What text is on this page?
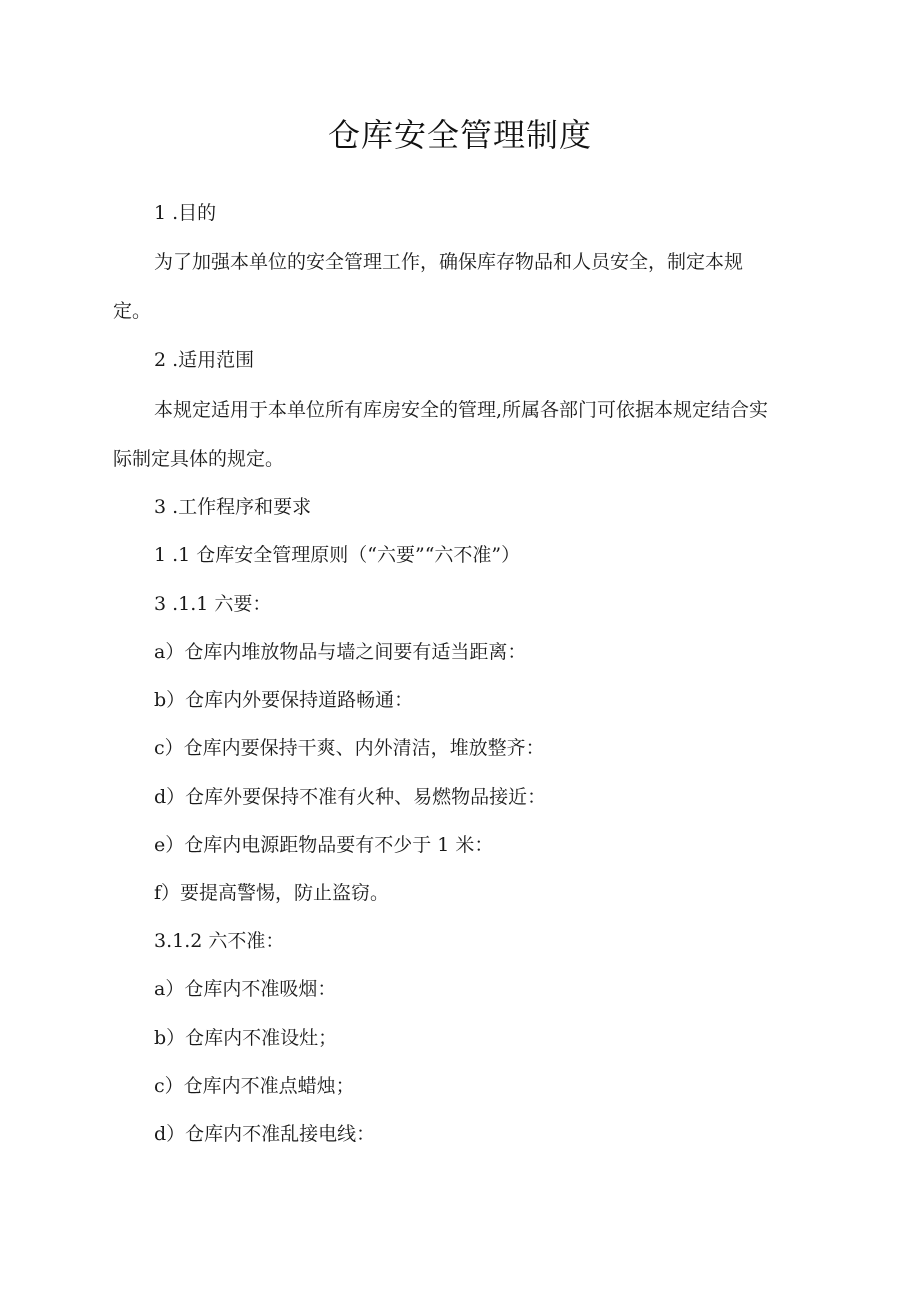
仓库安全管理制度
1 .目的
为了加强本单位的安全管理工作，确保库存物品和人员安全，制定本规
定。
2 .适用范围
本规定适用于本单位所有库房安全的管理,所属各部门可依据本规定结合实
际制定具体的规定。
3 .工作程序和要求
1 .1 仓库安全管理原则（“六要”“六不准”）
3 .1.1 六要：
a）仓库内堆放物品与墙之间要有适当距离：
b）仓库内外要保持道路畅通：
c）仓库内要保持干爽、内外清洁，堆放整齐：
d）仓库外要保持不准有火种、易燃物品接近：
e）仓库内电源距物品要有不少于 1 米：
f）要提高警惕，防止盗窃。
3.1.2 六不准：
a）仓库内不准吸烟：
b）仓库内不准设灶；
c）仓库内不准点蜡烛；
d）仓库内不准乱接电线：
